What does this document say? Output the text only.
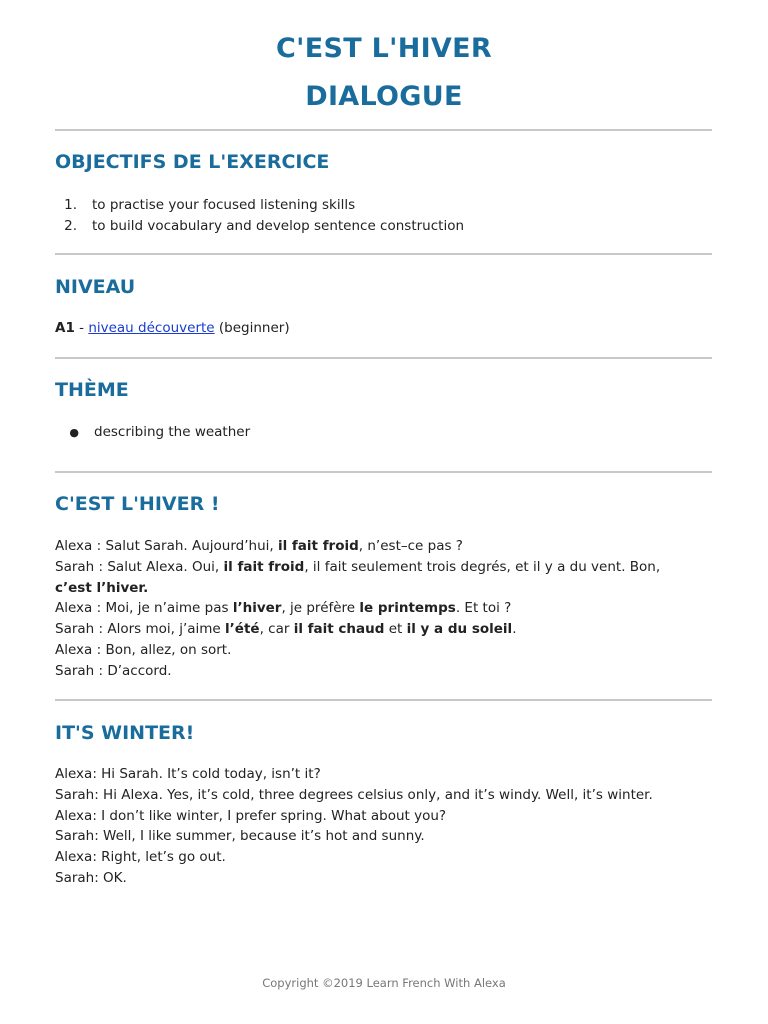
C'EST L'HIVER
DIALOGUE
OBJECTIFS DE L'EXERCICE
1. to practise your focused listening skills
2. to build vocabulary and develop sentence construction
NIVEAU

A1 - niveau découverte (beginner)

THÈME
● describing the weather
C'EST L'HIVER !
Alexa : Salut Sarah. Aujourd’hui, il fait froid, n’est–ce pas ?
Sarah : Salut Alexa. Oui, il fait froid, il fait seulement trois degrés, et il y a du vent. Bon, c’est l’hiver.
Alexa : Moi, je n’aime pas l’hiver, je préfère le printemps. Et toi ?
Sarah : Alors moi, j’aime l’été, car il fait chaud et il y a du soleil.
Alexa : Bon, allez, on sort.
Sarah : D’accord.
IT'S WINTER!
Alexa: Hi Sarah. It’s cold today, isn’t it?
Sarah: Hi Alexa. Yes, it’s cold, three degrees celsius only, and it’s windy. Well, it’s winter.
Alexa: I don’t like winter, I prefer spring. What about you?
Sarah: Well, I like summer, because it’s hot and sunny.
Alexa: Right, let’s go out.
Sarah: OK.
Copyright ©2019 Learn French With Alexa
